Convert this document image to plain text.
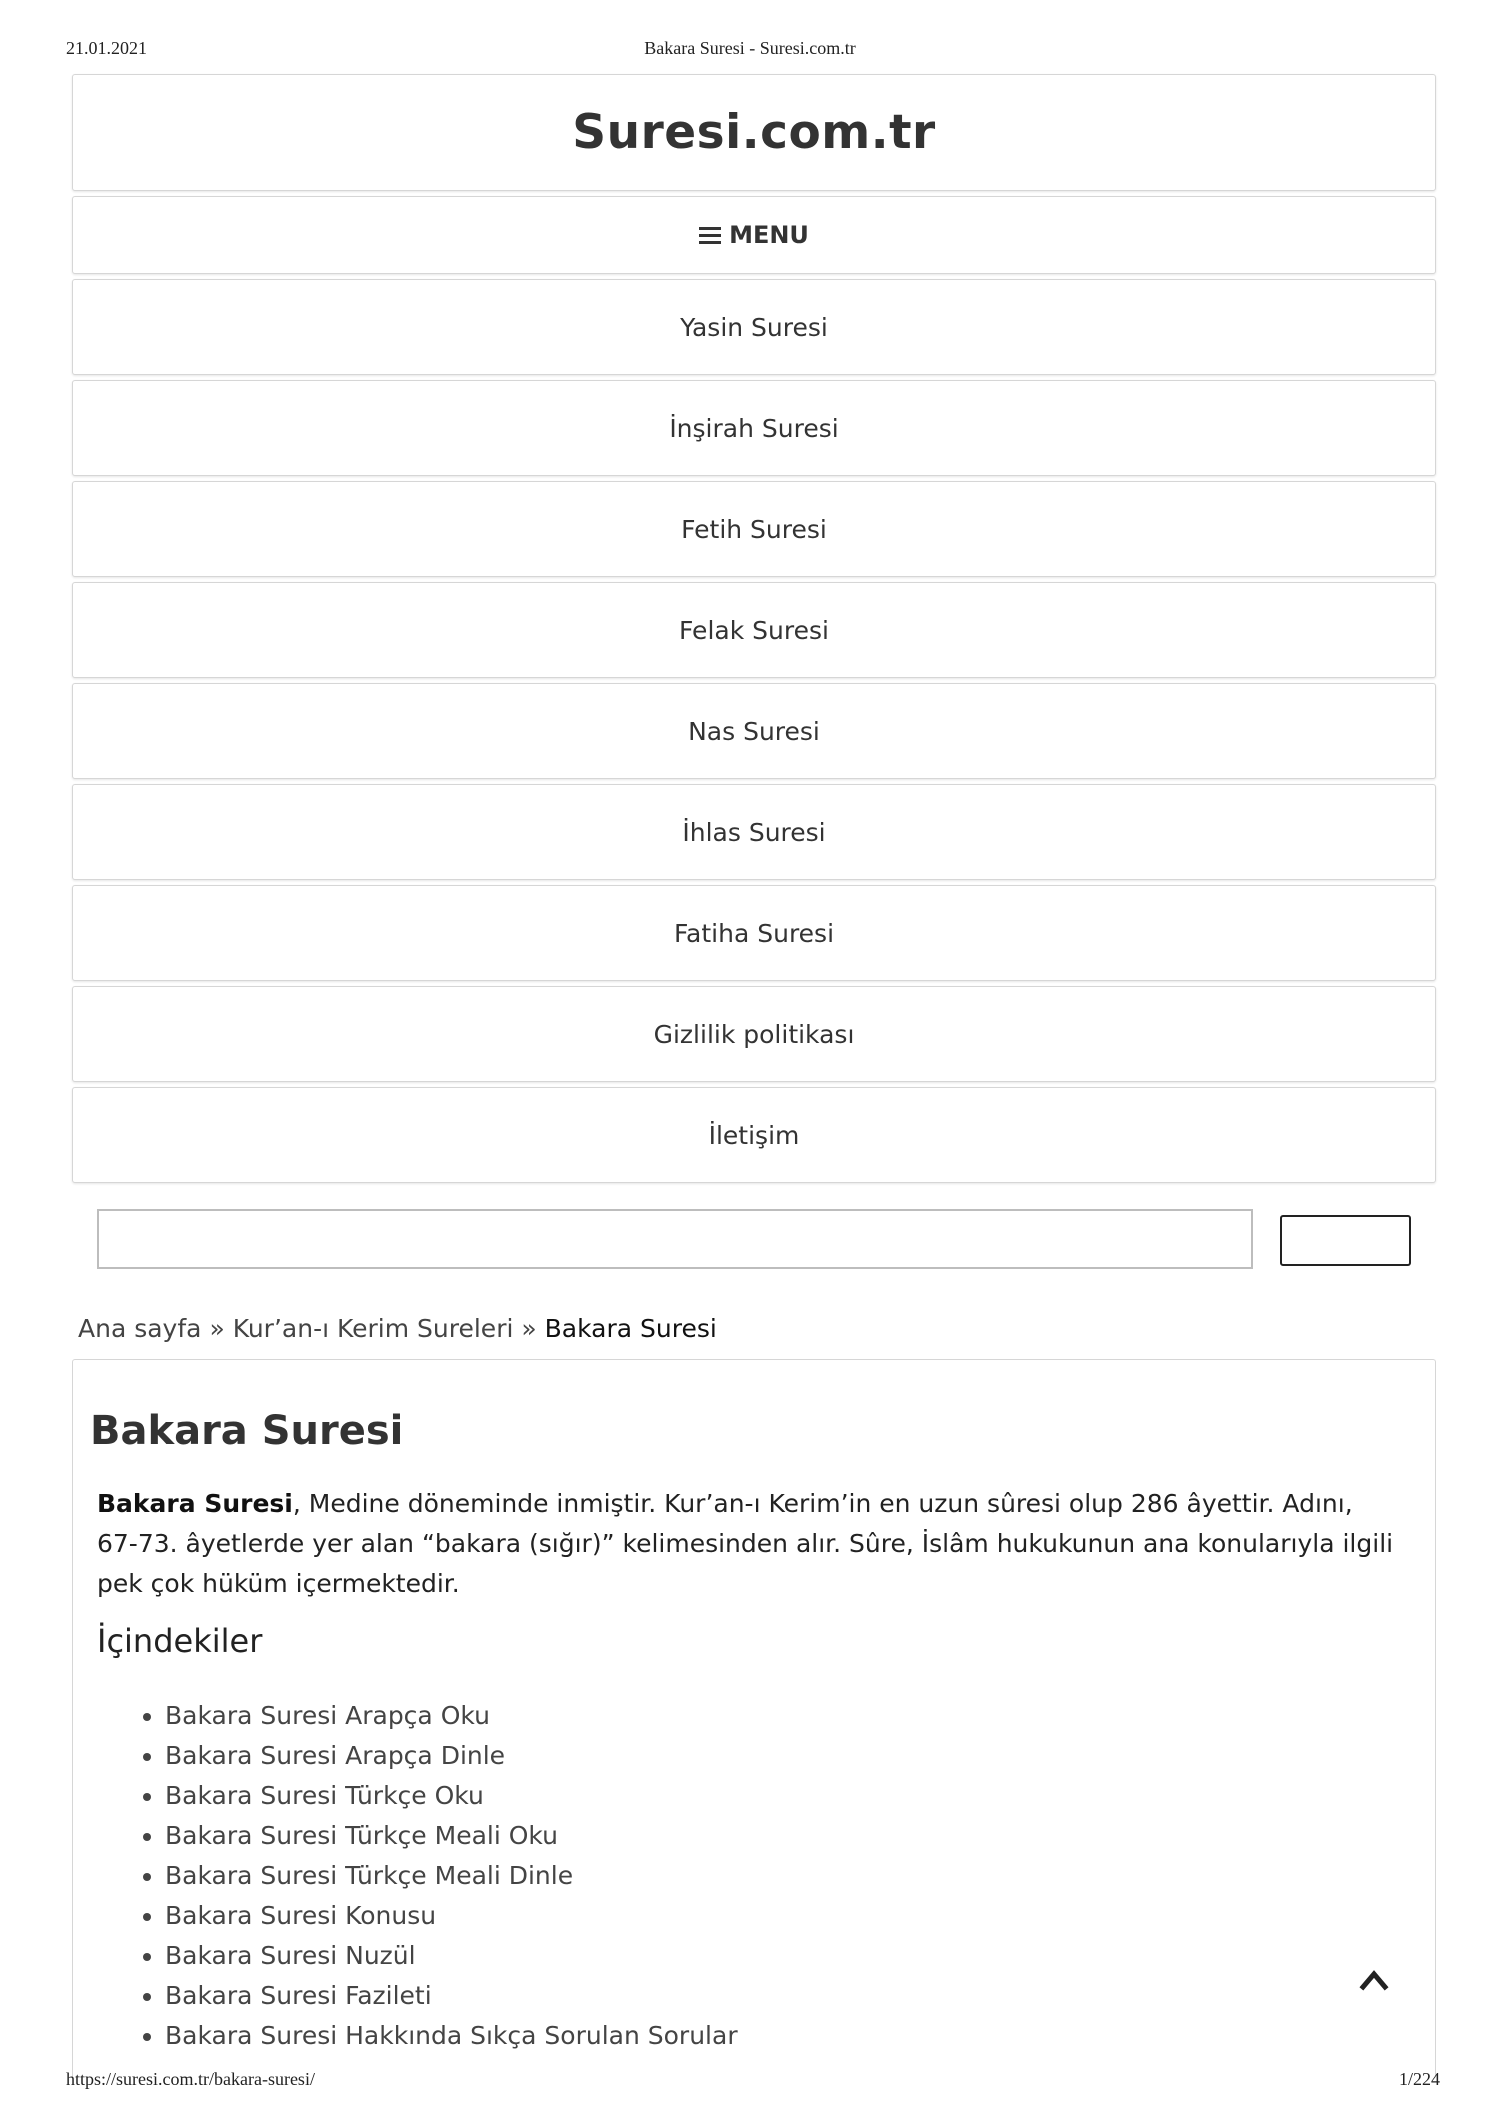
21.01.2021	Bakara Suresi - Suresi.com.tr
Suresi.com.tr
MENU
Yasin Suresi
İnşirah Suresi
Fetih Suresi
Felak Suresi
Nas Suresi
İhlas Suresi
Fatiha Suresi
Gizlilik politikası
İletişim
Ana sayfa » Kur’an-ı Kerim Sureleri » Bakara Suresi
Bakara Suresi

Bakara Suresi, Medine döneminde inmiştir. Kur’an-ı Kerim’in en uzun sûresi olup 286 âyettir. Adını, 67-73. âyetlerde yer alan “bakara (sığır)” kelimesinden alır. Sûre, İslâm hukukunun ana konularıyla ilgili pek çok hüküm içermektedir.

İçindekiler
• Bakara Suresi Arapça Oku
• Bakara Suresi Arapça Dinle
• Bakara Suresi Türkçe Oku
• Bakara Suresi Türkçe Meali Oku
• Bakara Suresi Türkçe Meali Dinle
• Bakara Suresi Konusu
• Bakara Suresi Nuzül
• Bakara Suresi Fazileti
• Bakara Suresi Hakkında Sıkça Sorulan Sorular
https://suresi.com.tr/bakara-suresi/	1/224
